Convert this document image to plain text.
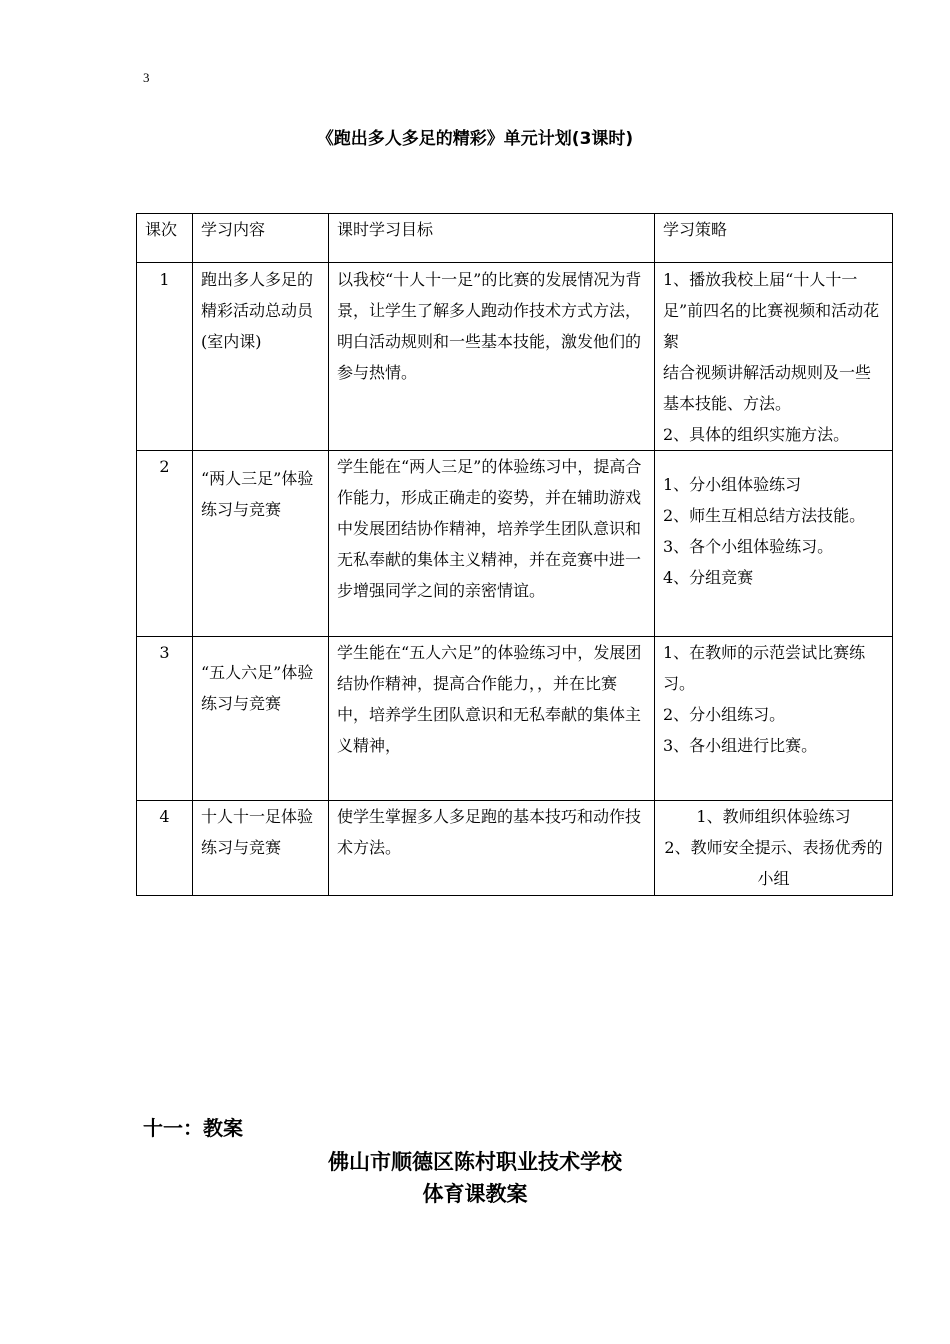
3
《跑出多人多足的精彩》单元计划(3课时)
课次	学习内容	课时学习目标	学习策略
1	跑出多人多足的精彩活动总动员(室内课)	以我校“十人十一足”的比赛的发展情况为背景，让学生了解多人跑动作技术方式方法，明白活动规则和一些基本技能，激发他们的参与热情。	1、播放我校上届“十人十一足”前四名的比赛视频和活动花絮
结合视频讲解活动规则及一些基本技能、方法。
2、具体的组织实施方法。

2	“两人三足”体验练习与竞赛	学生能在“两人三足”的体验练习中，提高合作能力，形成正确走的姿势，并在辅助游戏中发展团结协作精神，培养学生团队意识和无私奉献的集体主义精神，并在竞赛中进一步增强同学之间的亲密情谊。	1、分小组体验练习
2、师生互相总结方法技能。
3、各个小组体验练习。
4、分组竞赛

3	“五人六足”体验练习与竞赛	学生能在“五人六足”的体验练习中，发展团结协作精神，提高合作能力，，并在比赛中，培养学生团队意识和无私奉献的集体主义精神，	1、在教师的示范尝试比赛练习。
2、分小组练习。
3、各小组进行比赛。

4	十人十一足体验练习与竞赛	使学生掌握多人多足跑的基本技巧和动作技术方法。	1、教师组织体验练习
2、教师安全提示、表扬优秀的小组
十一：教案
佛山市顺德区陈村职业技术学校
体育课教案
